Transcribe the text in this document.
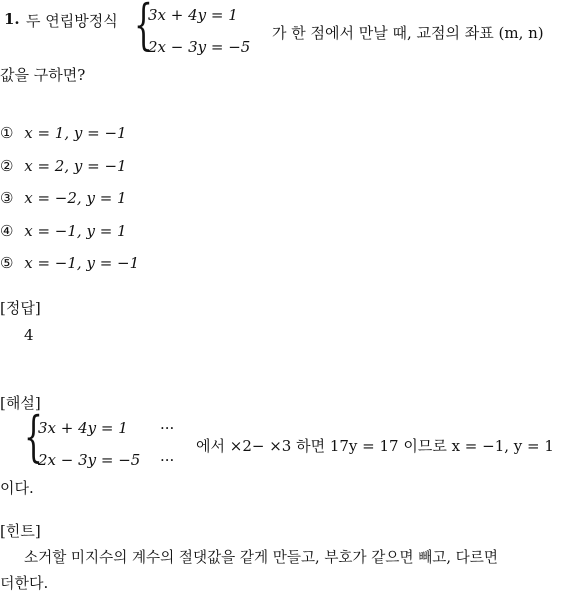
1. 두 연립방정식 {
3x + 4y = 1
2x − 3y = −5
가 한 점에서 만날 때, 교점의 좌표 (m, n)
값을 구하면?
① x = 1, y = −1
② x = 2, y = −1
③ x = −2, y = 1
④ x = −1, y = 1
⑤ x = −1, y = −1
[정답]
4
[해설]
{
3x + 4y = 1 ···
2x − 3y = −5 ···
에서 ×2− ×3 하면 17y = 17 이므로 x = −1, y = 1
이다.
[힌트]
소거할 미지수의 계수의 절댓값을 같게 만들고, 부호가 같으면 빼고, 다르면
더한다.
